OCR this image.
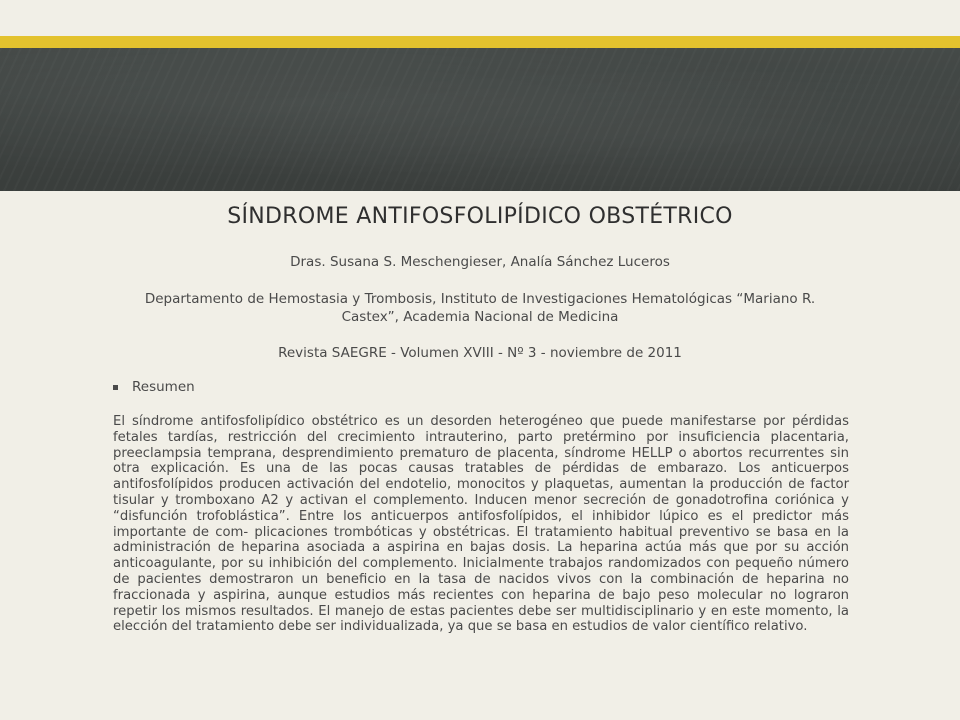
SÍNDROME ANTIFOSFOLIPÍDICO OBSTÉTRICO
Dras. Susana S. Meschengieser, Analía Sánchez Luceros
Departamento de Hemostasia y Trombosis, Instituto de Investigaciones Hematológicas “Mariano R. Castex”, Academia Nacional de Medicina
Revista SAEGRE - Volumen XVIII - Nº 3 - noviembre de 2011
Resumen
El síndrome antifosfolipídico obstétrico es un desorden heterogéneo que puede manifestarse por pérdidas fetales tardías, restricción del crecimiento intrauterino, parto pretérmino por insuficiencia placentaria, preeclampsia temprana, desprendimiento prematuro de placenta, síndrome HELLP o abortos recurrentes sin otra explicación. Es una de las pocas causas tratables de pérdidas de embarazo. Los anticuerpos antifosfolípidos producen activación del endotelio, monocitos y plaquetas, aumentan la producción de factor tisular y tromboxano A2 y activan el complemento. Inducen menor secreción de gonadotrofina coriónica y “disfunción trofoblástica”. Entre los anticuerpos antifosfolípidos, el inhibidor lúpico es el predictor más importante de com- plicaciones trombóticas y obstétricas. El tratamiento habitual preventivo se basa en la administración de heparina asociada a aspirina en bajas dosis. La heparina actúa más que por su acción anticoagulante, por su inhibición del complemento. Inicialmente trabajos randomizados con pequeño número de pacientes demostraron un beneficio en la tasa de nacidos vivos con la combinación de heparina no fraccionada y aspirina, aunque estudios más recientes con heparina de bajo peso molecular no lograron repetir los mismos resultados. El manejo de estas pacientes debe ser multidisciplinario y en este momento, la elección del tratamiento debe ser individualizada, ya que se basa en estudios de valor científico relativo.
